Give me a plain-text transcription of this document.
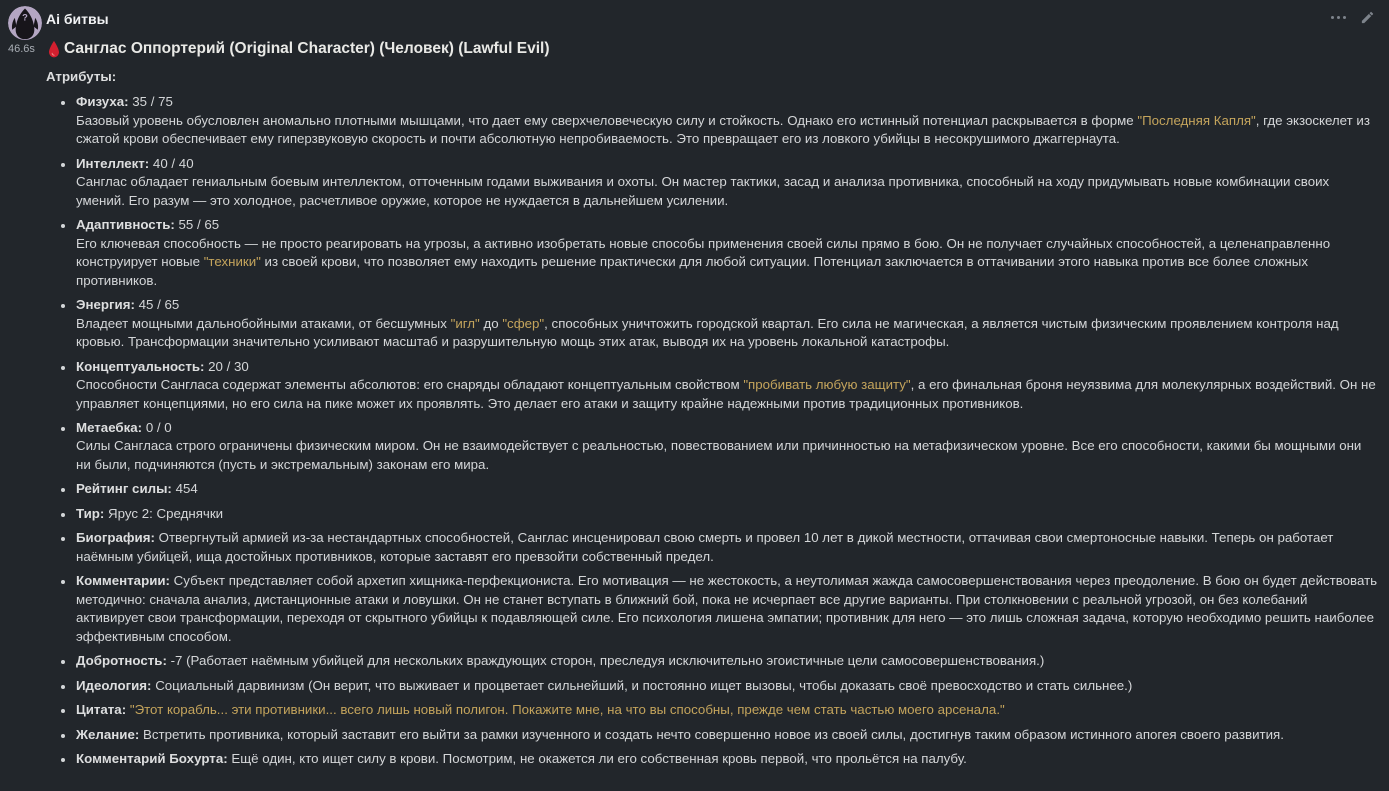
?
46.6s
Ai битвы
Санглас Оппортерий (Original Character) (Человек) (Lawful Evil)
Атрибуты:
• Физуха: 35 / 75
Базовый уровень обусловлен аномально плотными мышцами, что дает ему сверхчеловеческую силу и стойкость. Однако его истинный потенциал раскрывается в форме "Последняя Капля", где экзоскелет из сжатой крови обеспечивает ему гиперзвуковую скорость и почти абсолютную непробиваемость. Это превращает его из ловкого убийцы в несокрушимого джаггернаута.
• Интеллект: 40 / 40
Санглас обладает гениальным боевым интеллектом, отточенным годами выживания и охоты. Он мастер тактики, засад и анализа противника, способный на ходу придумывать новые комбинации своих умений. Его разум — это холодное, расчетливое оружие, которое не нуждается в дальнейшем усилении.
• Адаптивность: 55 / 65
Его ключевая способность — не просто реагировать на угрозы, а активно изобретать новые способы применения своей силы прямо в бою. Он не получает случайных способностей, а целенаправленно конструирует новые "техники" из своей крови, что позволяет ему находить решение практически для любой ситуации. Потенциал заключается в оттачивании этого навыка против все более сложных противников.
• Энергия: 45 / 65
Владеет мощными дальнобойными атаками, от бесшумных "игл" до "сфер", способных уничтожить городской квартал. Его сила не магическая, а является чистым физическим проявлением контроля над кровью. Трансформации значительно усиливают масштаб и разрушительную мощь этих атак, выводя их на уровень локальной катастрофы.
• Концептуальность: 20 / 30
Способности Сангласа содержат элементы абсолютов: его снаряды обладают концептуальным свойством "пробивать любую защиту", а его финальная броня неуязвима для молекулярных воздействий. Он не управляет концепциями, но его сила на пике может их проявлять. Это делает его атаки и защиту крайне надежными против традиционных противников.
• Метаебка: 0 / 0
Силы Сангласа строго ограничены физическим миром. Он не взаимодействует с реальностью, повествованием или причинностью на метафизическом уровне. Все его способности, какими бы мощными они ни были, подчиняются (пусть и экстремальным) законам его мира.
• Рейтинг силы: 454
• Тир: Ярус 2: Среднячки
• Биография: Отвергнутый армией из-за нестандартных способностей, Санглас инсценировал свою смерть и провел 10 лет в дикой местности, оттачивая свои смертоносные навыки. Теперь он работает наёмным убийцей, ища достойных противников, которые заставят его превзойти собственный предел.
• Комментарии: Субъект представляет собой архетип хищника-перфекциониста. Его мотивация — не жестокость, а неутолимая жажда самосовершенствования через преодоление. В бою он будет действовать методично: сначала анализ, дистанционные атаки и ловушки. Он не станет вступать в ближний бой, пока не исчерпает все другие варианты. При столкновении с реальной угрозой, он без колебаний активирует свои трансформации, переходя от скрытного убийцы к подавляющей силе. Его психология лишена эмпатии; противник для него — это лишь сложная задача, которую необходимо решить наиболее эффективным способом.
• Добротность: -7 (Работает наёмным убийцей для нескольких враждующих сторон, преследуя исключительно эгоистичные цели самосовершенствования.)
• Идеология: Социальный дарвинизм (Он верит, что выживает и процветает сильнейший, и постоянно ищет вызовы, чтобы доказать своё превосходство и стать сильнее.)
• Цитата: "Этот корабль... эти противники... всего лишь новый полигон. Покажите мне, на что вы способны, прежде чем стать частью моего арсенала."
• Желание: Встретить противника, который заставит его выйти за рамки изученного и создать нечто совершенно новое из своей силы, достигнув таким образом истинного апогея своего развития.
• Комментарий Бохурта: Ещё один, кто ищет силу в крови. Посмотрим, не окажется ли его собственная кровь первой, что прольётся на палубу.
